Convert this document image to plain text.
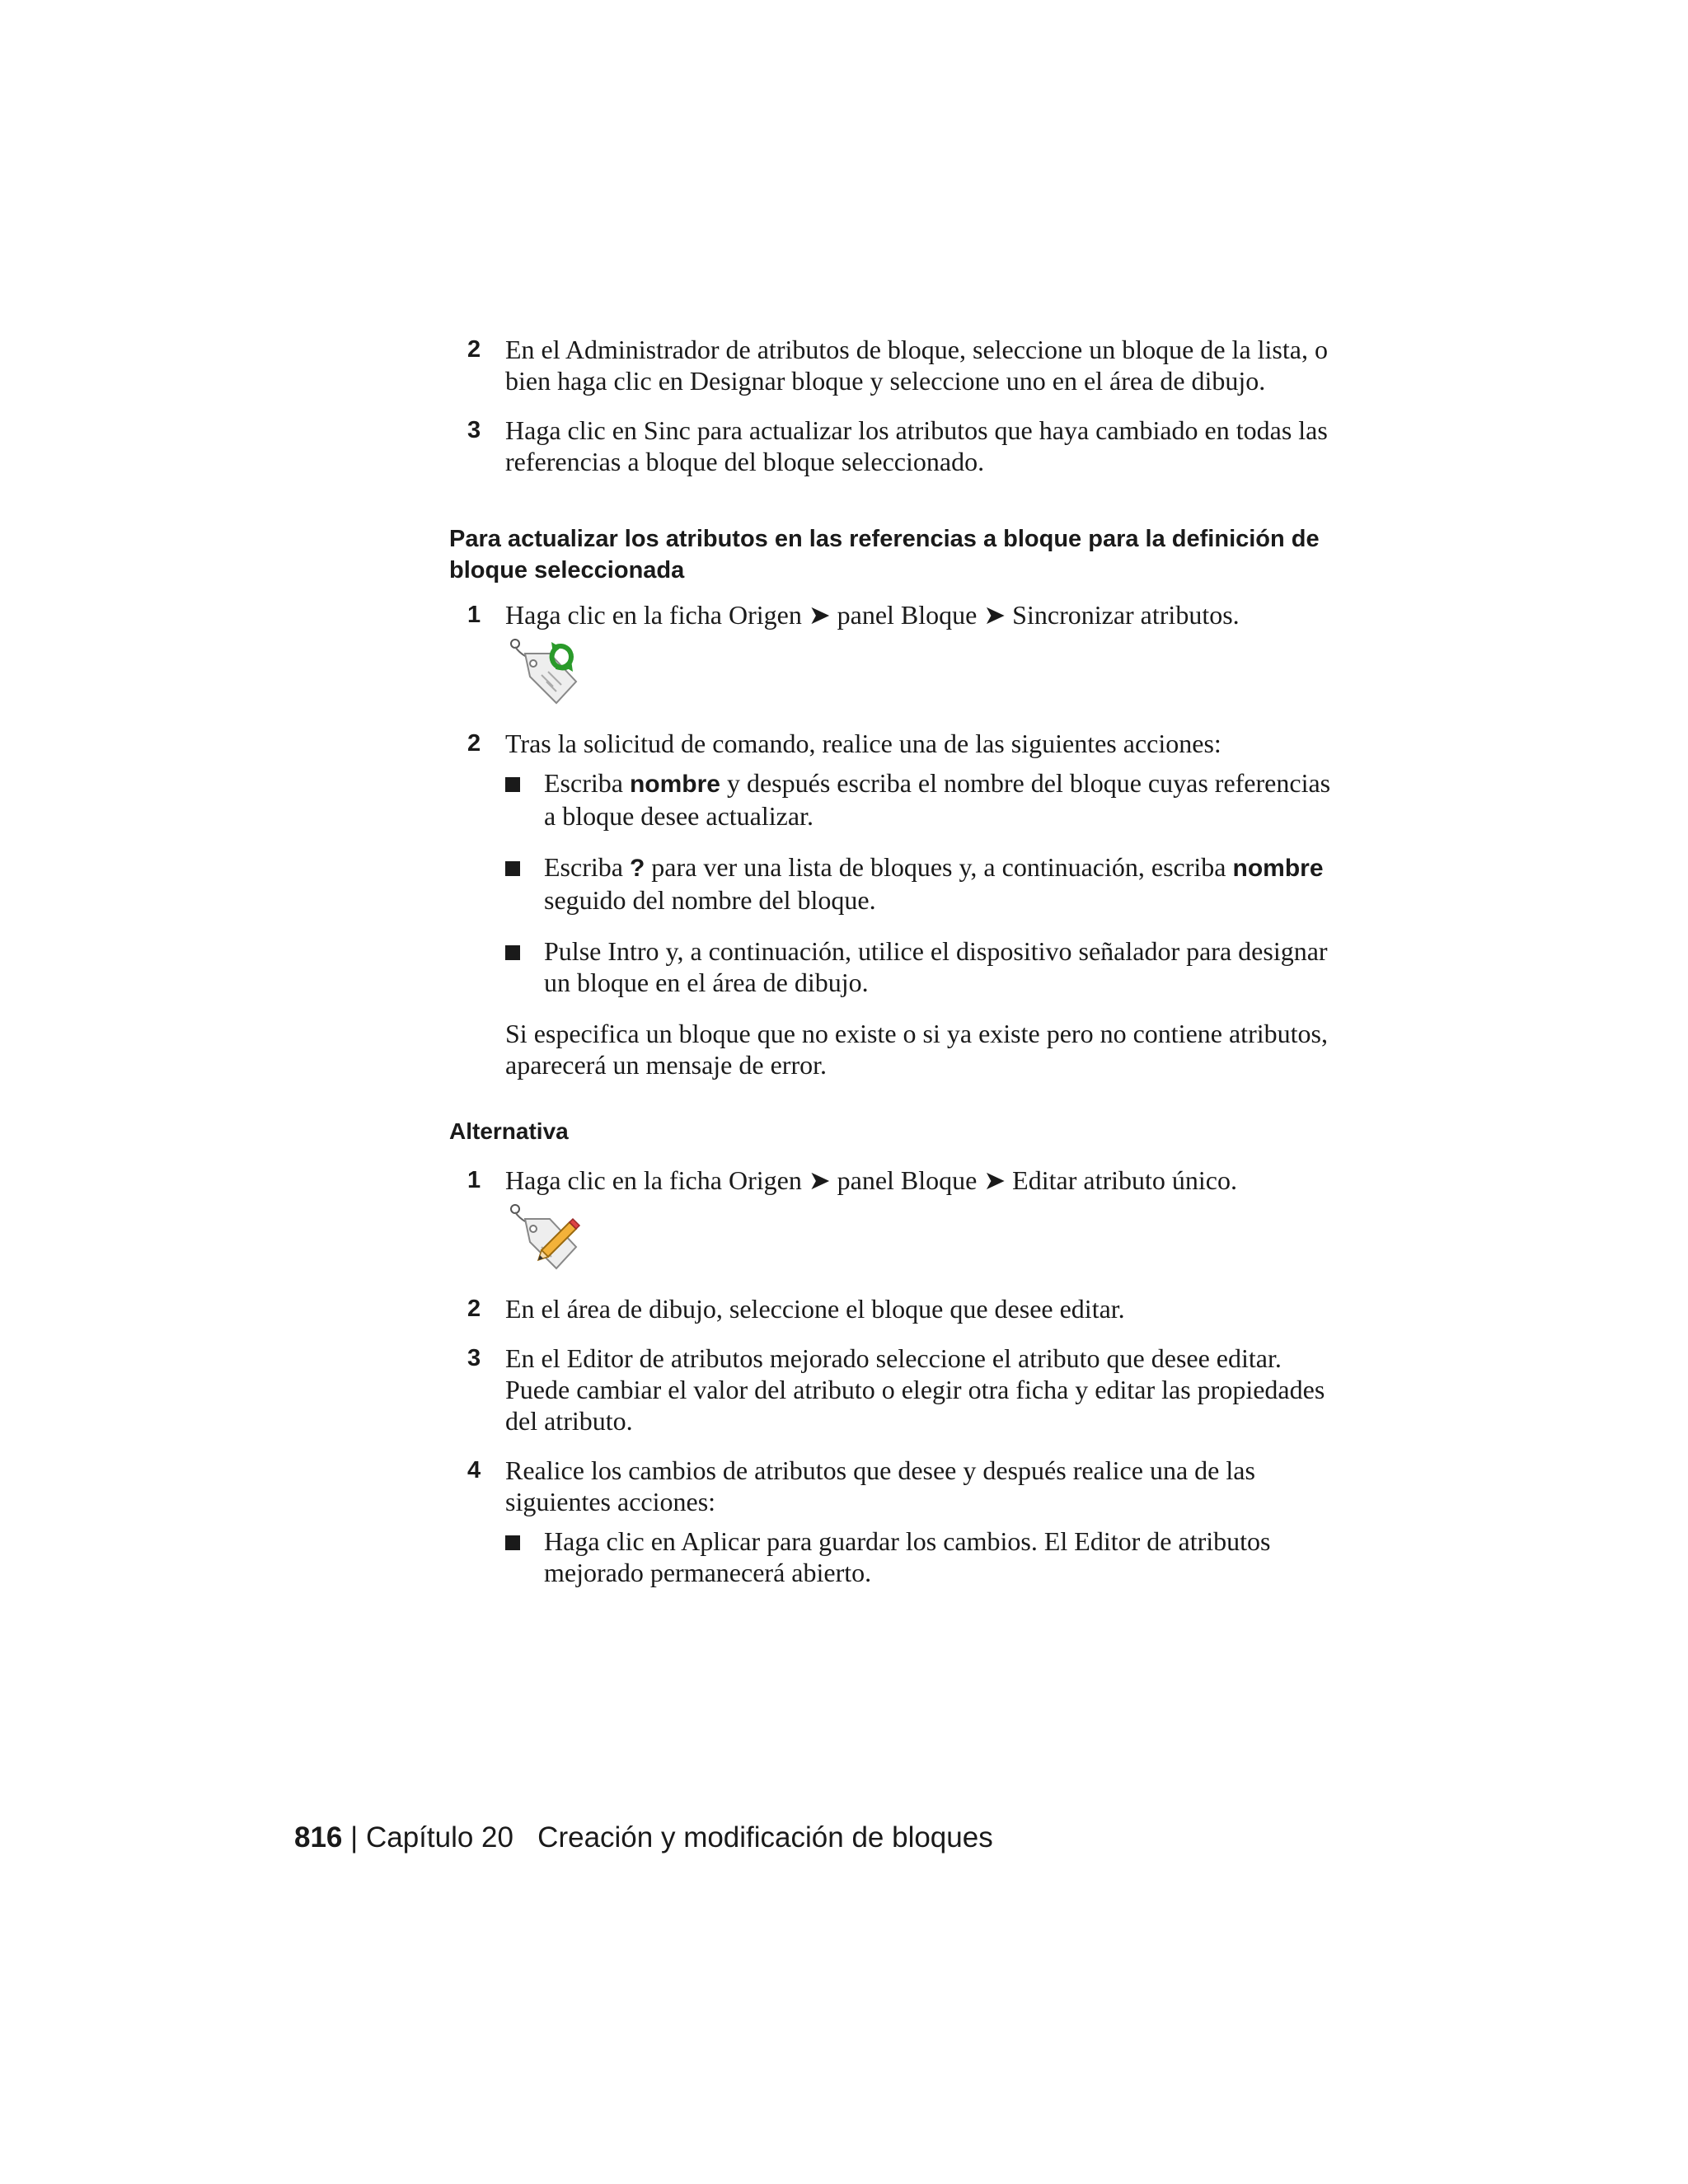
2 En el Administrador de atributos de bloque, seleccione un bloque de la lista, o bien haga clic en Designar bloque y seleccione uno en el área de dibujo.
3 Haga clic en Sinc para actualizar los atributos que haya cambiado en todas las referencias a bloque del bloque seleccionado.
Para actualizar los atributos en las referencias a bloque para la definición de bloque seleccionada
1 Haga clic en la ficha Origen ➤ panel Bloque ➤ Sincronizar atributos.
2 Tras la solicitud de comando, realice una de las siguientes acciones:
Escriba nombre y después escriba el nombre del bloque cuyas referencias a bloque desee actualizar.
Escriba ? para ver una lista de bloques y, a continuación, escriba nombre seguido del nombre del bloque.
Pulse Intro y, a continuación, utilice el dispositivo señalador para designar un bloque en el área de dibujo.
Si especifica un bloque que no existe o si ya existe pero no contiene atributos, aparecerá un mensaje de error.
Alternativa
1 Haga clic en la ficha Origen ➤ panel Bloque ➤ Editar atributo único.
2 En el área de dibujo, seleccione el bloque que desee editar.
3 En el Editor de atributos mejorado seleccione el atributo que desee editar. Puede cambiar el valor del atributo o elegir otra ficha y editar las propiedades del atributo.
4 Realice los cambios de atributos que desee y después realice una de las siguientes acciones:
Haga clic en Aplicar para guardar los cambios. El Editor de atributos mejorado permanecerá abierto.
816 | Capítulo 20 Creación y modificación de bloques
